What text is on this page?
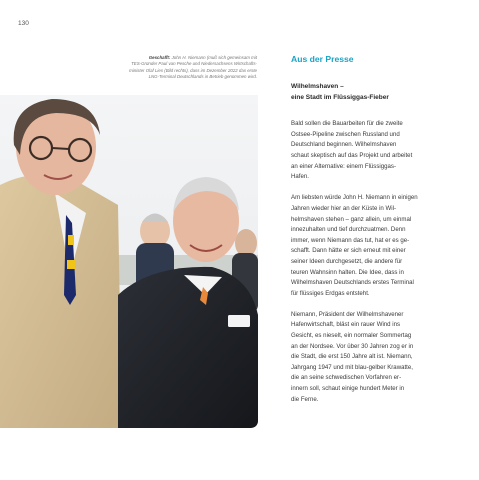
130
Geschafft: John H. Niemann (muß sich gemeinsam mit
TES-Gründer Paul van Pesche und Niedersachsens Wirtschafts-
minister Olaf Lies (Bild rechts), dass im Dezember 2022 das erste
LNG-Terminal Deutschlands in Betrieb genommen wird.
Aus der Presse
Wilhelmshaven –
eine Stadt im Flüssiggas-Fieber
Bald sollen die Bauarbeiten für die zweite
Ostsee-Pipeline zwischen Russland und
Deutschland beginnen. Wilhelmshaven
schaut skeptisch auf das Projekt und arbeitet
an einer Alternative: einem Flüssiggas-
Hafen.
Am liebsten würde John H. Niemann in einigen
Jahren wieder hier an der Küste in Wil-
helmshaven stehen – ganz allein, um einmal
innezuhalten und tief durchzuatmen. Denn
immer, wenn Niemann das tut, hat er es ge-
schafft. Dann hätte er sich erneut mit einer
seiner Ideen durchgesetzt, die andere für
teuren Wahnsinn halten. Die Idee, dass in
Wilhelmshaven Deutschlands erstes Terminal
für flüssiges Erdgas entsteht.
Niemann, Präsident der Wilhelmshavener
Hafenwirtschaft, bläst ein rauer Wind ins
Gesicht, es nieselt, ein normaler Sommertag
an der Nordsee. Vor über 30 Jahren zog er in
die Stadt, die erst 150 Jahre alt ist. Niemann,
Jahrgang 1947 und mit blau-gelber Krawatte,
die an seine schwedischen Vorfahren er-
innern soll, schaut einige hundert Meter in
die Ferne.
